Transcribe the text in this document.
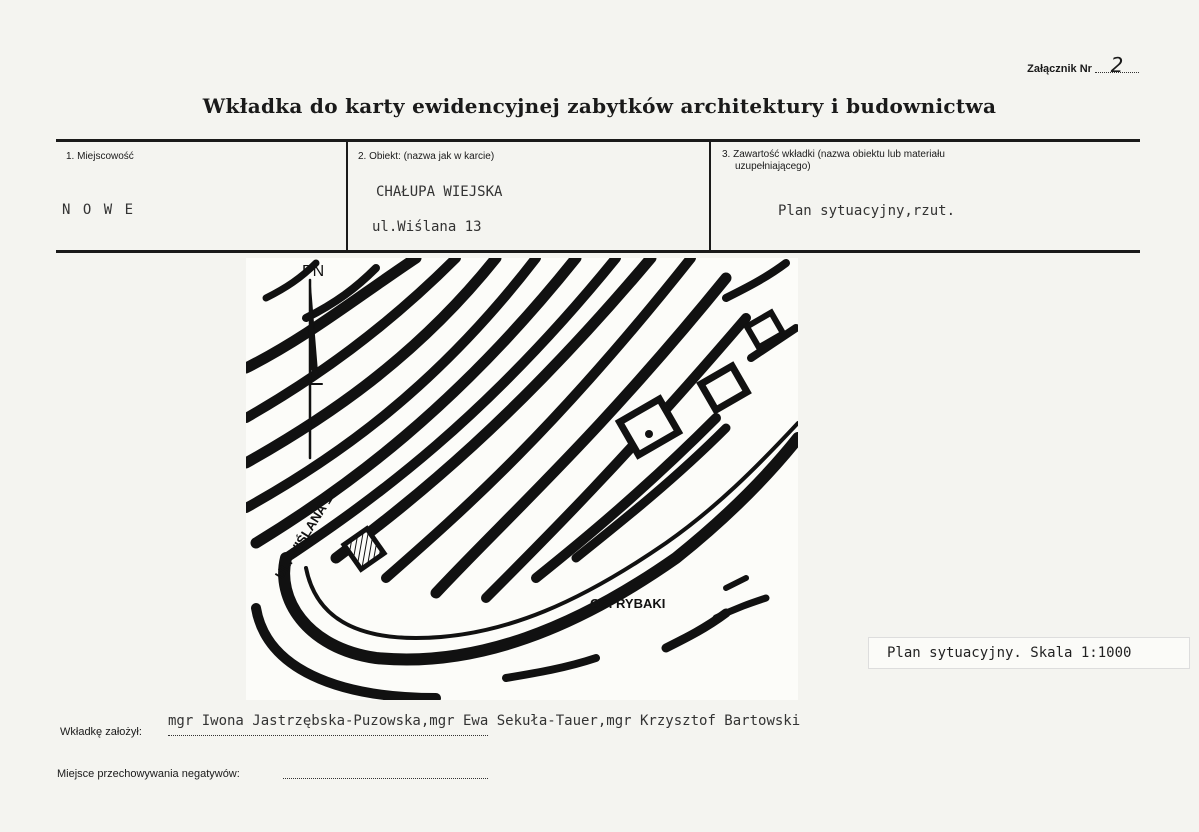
Załącznik Nr 2
Wkładka do karty ewidencyjnej zabytków architektury i budownictwa
1. Miejscowość
N O W E
2. Obiekt: (nazwa jak w karcie)
CHAŁUPA WIEJSKA
ul.Wiślana 13
3. Zawartość wkładki (nazwa obiektu lub materiału
uzupełniającego)
Plan sytuacyjny,rzut.
PN
UL. WIŚLANA 13
OŚ. RYBAKI
Plan sytuacyjny. Skala 1:1000
Wkładkę założył:
mgr Iwona Jastrzębska-Puzowska,mgr Ewa Sekuła-Tauer,mgr Krzysztof Bartowski
Miejsce przechowywania negatywów:
